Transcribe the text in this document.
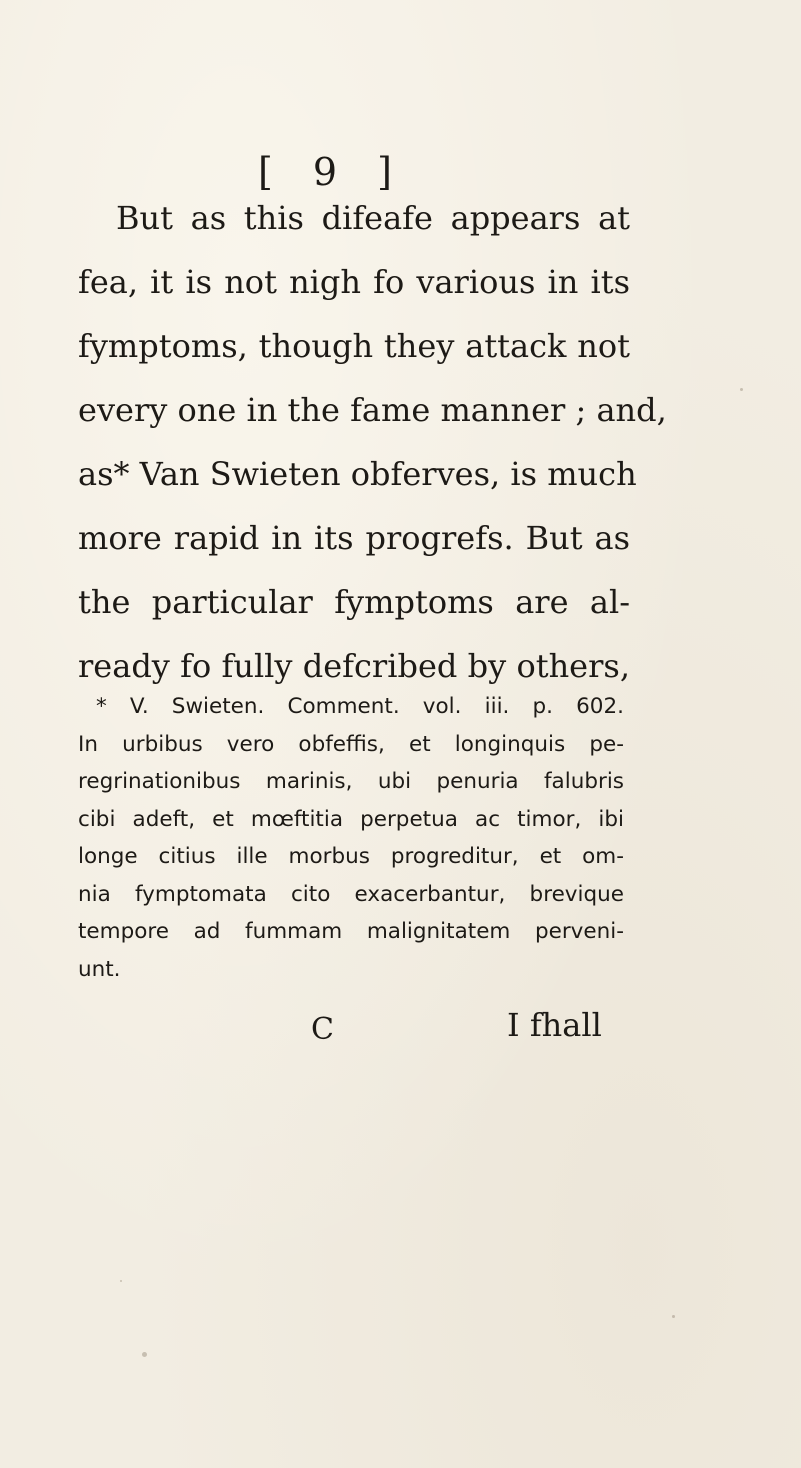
[ 9 ]
But as this difeafe appears at
fea, it is not nigh fo various in its
fymptoms, though they attack not
every one in the fame manner ; and,
as* Van Swieten obferves, is much
more rapid in its progrefs. But as
the particular fymptoms are al-
ready fo fully defcribed by others,
* V. Swieten. Comment. vol. iii. p. 602.
In urbibus vero obfeffis, et longinquis pe-
regrinationibus marinis, ubi penuria falubris
cibi adeft, et mœftitia perpetua ac timor, ibi
longe citius ille morbus progreditur, et om-
nia fymptomata cito exacerbantur, brevique
tempore ad fummam malignitatem perveni-
unt.
C	I fhall
